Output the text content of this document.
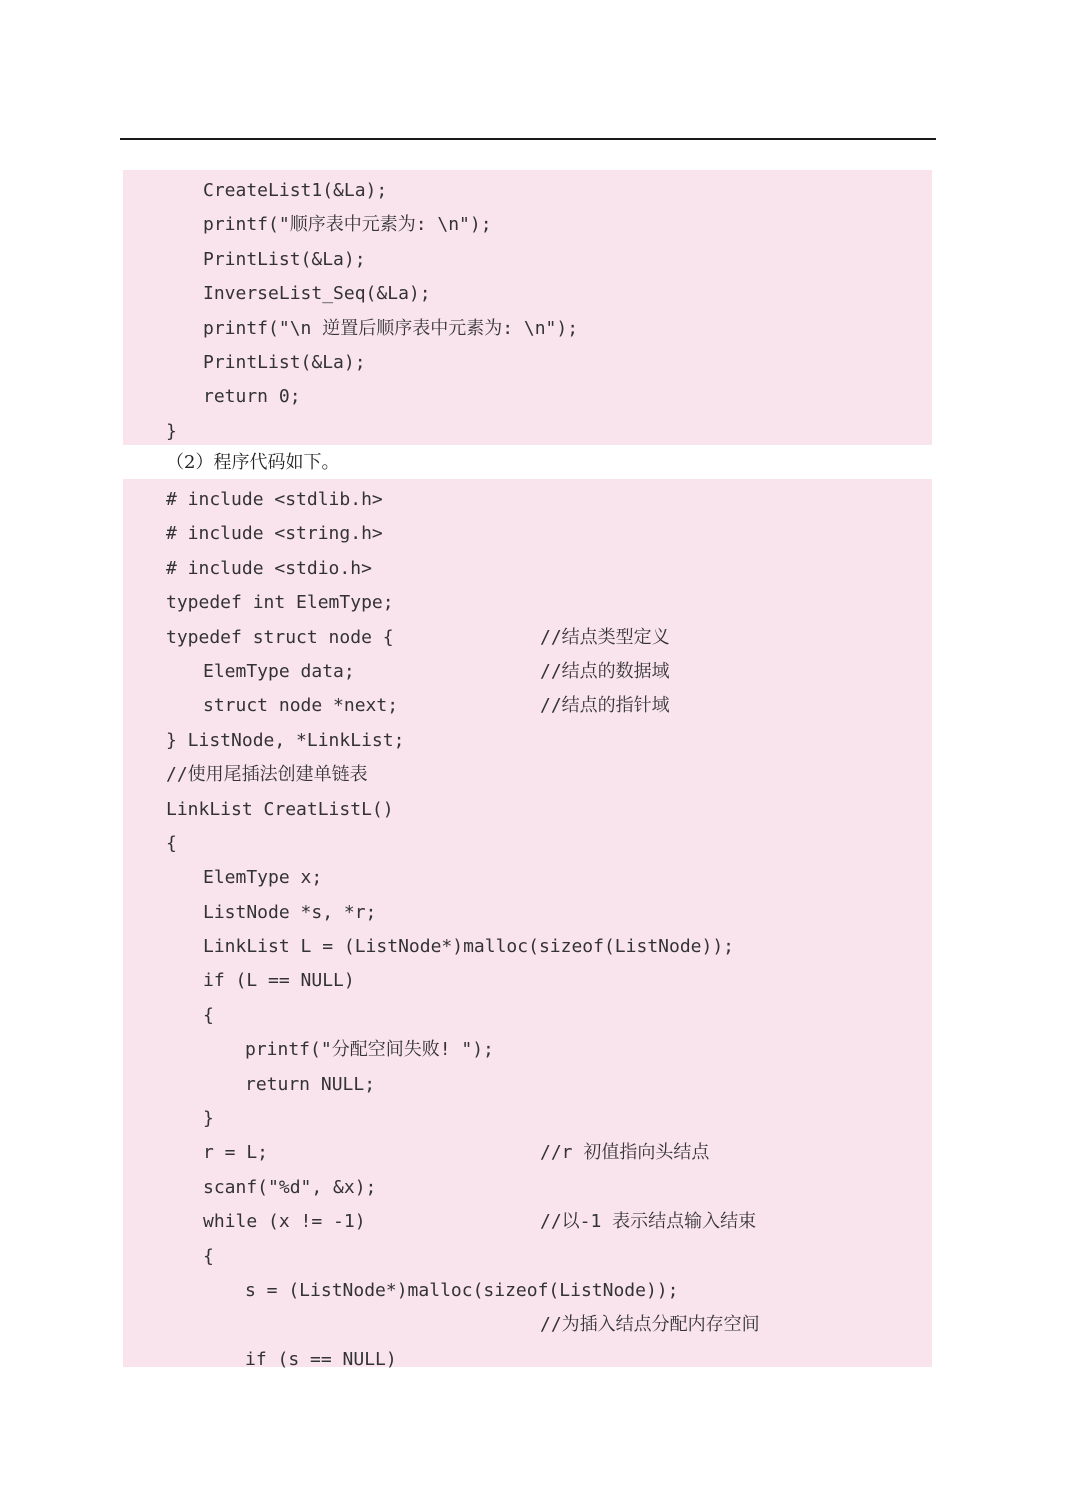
CreateList1(&La);
printf("顺序表中元素为: \n");
PrintList(&La);
InverseList_Seq(&La);
printf("\n 逆置后顺序表中元素为: \n");
PrintList(&La);
return 0;
}
（2）程序代码如下。
# include <stdlib.h>
# include <string.h>
# include <stdio.h>
typedef int ElemType;
typedef struct node {	//结点类型定义
ElemType data;	//结点的数据域
struct node *next;	//结点的指针域
} ListNode, *LinkList;
//使用尾插法创建单链表
LinkList CreatListL()
{
ElemType x;
ListNode *s, *r;
LinkList L = (ListNode*)malloc(sizeof(ListNode));
if (L == NULL)
{
printf("分配空间失败! ");
return NULL;
}
r = L;	//r 初值指向头结点
scanf("%d", &x);
while (x != -1)	//以-1 表示结点输入结束
{
s = (ListNode*)malloc(sizeof(ListNode));
//为插入结点分配内存空间
if (s == NULL)
